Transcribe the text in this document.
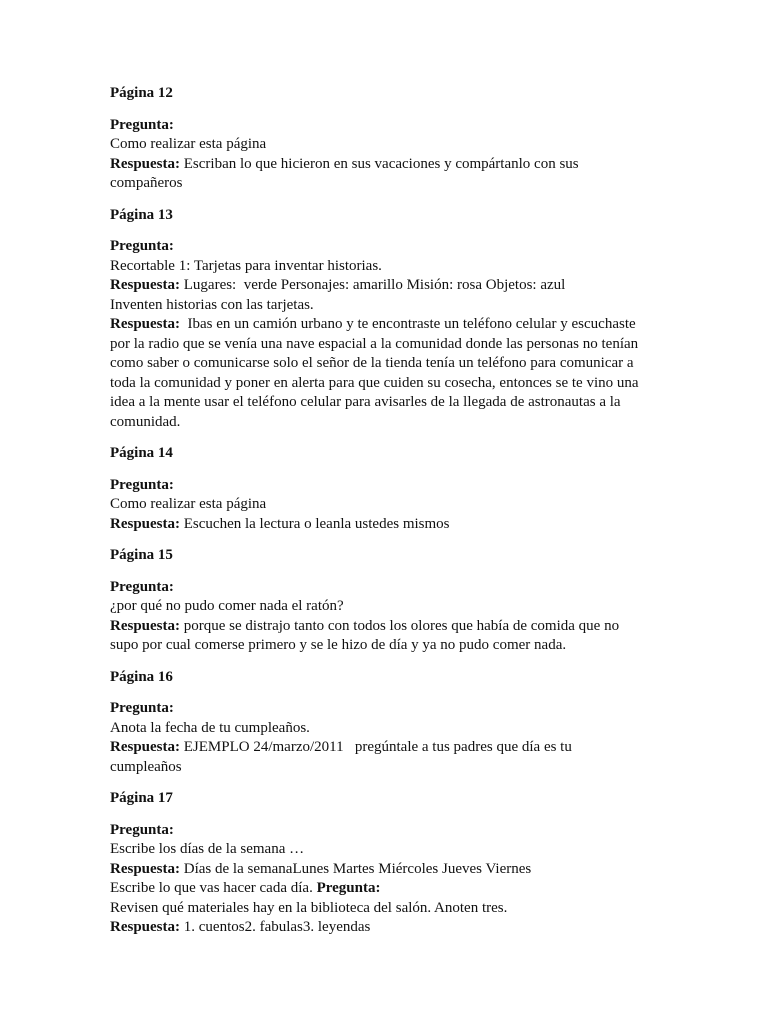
Página 12

Pregunta:

Como realizar esta página

Respuesta: Escriban lo que hicieron en sus vacaciones y compártanlo con sus

compañeros

Página 13

Pregunta:

Recortable 1: Tarjetas para inventar historias.

Respuesta: Lugares:  verde Personajes: amarillo Misión: rosa Objetos: azul

Inventen historias con las tarjetas.

Respuesta:  Ibas en un camión urbano y te encontraste un teléfono celular y escuchaste

por la radio que se venía una nave espacial a la comunidad donde las personas no tenían

como saber o comunicarse solo el señor de la tienda tenía un teléfono para comunicar a

toda la comunidad y poner en alerta para que cuiden su cosecha, entonces se te vino una

idea a la mente usar el teléfono celular para avisarles de la llegada de astronautas a la

comunidad.

Página 14

Pregunta:

Como realizar esta página

Respuesta: Escuchen la lectura o leanla ustedes mismos

Página 15

Pregunta:

¿por qué no pudo comer nada el ratón?

Respuesta: porque se distrajo tanto con todos los olores que había de comida que no

supo por cual comerse primero y se le hizo de día y ya no pudo comer nada.

Página 16

Pregunta:

Anota la fecha de tu cumpleaños.

Respuesta: EJEMPLO 24/marzo/2011   pregúntale a tus padres que día es tu

cumpleaños

Página 17

Pregunta:

Escribe los días de la semana …

Respuesta: Días de la semanaLunes Martes Miércoles Jueves Viernes

Escribe lo que vas hacer cada día. Pregunta:

Revisen qué materiales hay en la biblioteca del salón. Anoten tres.

Respuesta: 1. cuentos2. fabulas3. leyendas
